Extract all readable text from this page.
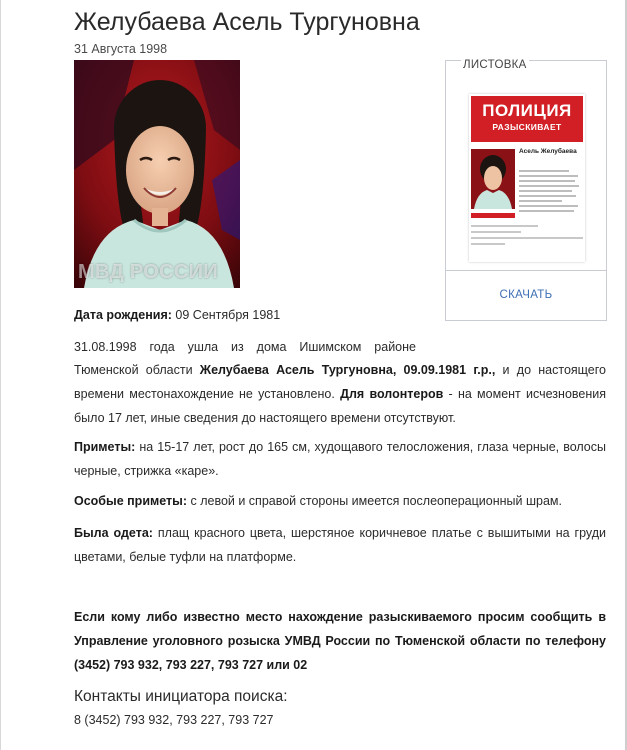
Желубаева Асель Тургуновна
31 Августа 1998
МВД РОССИИ
ЛИСТОВКА
ПОЛИЦИЯ
РАЗЫСКИВАЕТ
Асель Желубаева
СКАЧАТЬ
Дата рождения: 09 Сентября 1981
31.08.1998 года ушла из дома Ишимском районе
Тюменской области Желубаева Асель Тургуновна, 09.09.1981 г.р., и до настоящего времени местонахождение не установлено. Для волонтеров - на момент исчезновения было 17 лет, иные сведения до настоящего времени отсутствуют.
Приметы: на 15-17 лет, рост до 165 см, худощавого телосложения, глаза черные, волосы черные, стрижка «каре».
Особые приметы: с левой и справой стороны имеется послеоперационный шрам.
Была одета: плащ красного цвета, шерстяное коричневое платье с вышитыми на груди цветами, белые туфли на платформе.
Если кому либо известно место нахождение разыскиваемого просим сообщить в Управление уголовного розыска УМВД России по Тюменской области по телефону (3452) 793 932, 793 227, 793 727 или 02
Контакты инициатора поиска:
8 (3452) 793 932, 793 227, 793 727
